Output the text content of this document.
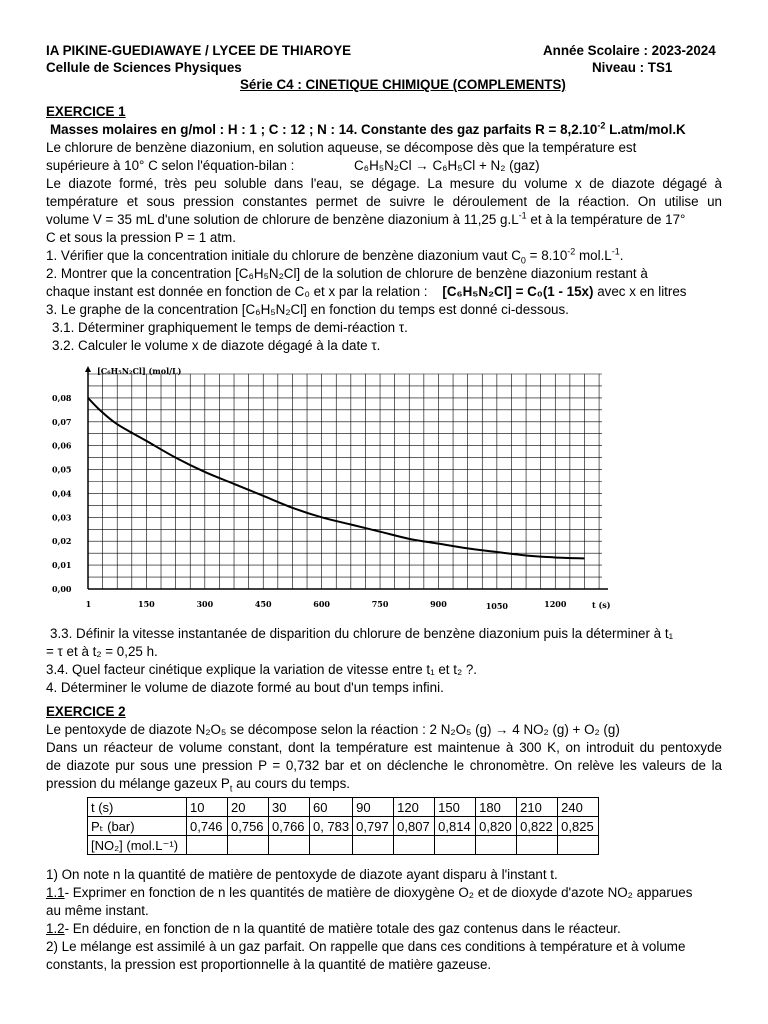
IA PIKINE-GUEDIAWAYE / LYCEE DE THIAROYE
Cellule de Sciences Physiques
Année Scolaire : 2023-2024
Niveau : TS1
Série C4 : CINETIQUE CHIMIQUE (COMPLEMENTS)
EXERCICE 1
Masses molaires en g/mol : H : 1 ; C : 12 ; N : 14. Constante des gaz parfaits $R = 8,2.10^{-2}$ L.atm/mol.K
Le chlorure de benzène diazonium, en solution aqueuse, se décompose dès que la température est
supérieure à 10° C selon l'équation-bilan :	C₆H₅N₂Cl → C₆H₅Cl + N₂ (gaz)
Le diazote formé, très peu soluble dans l'eau, se dégage. La mesure du volume x de diazote dégagé à
température et sous pression constantes permet de suivre le déroulement de la réaction. On utilise un
volume V = 35 mL d'une solution de chlorure de benzène diazonium à 11,25 $g.L^{-1}$ et à la température de 17°
C et sous la pression P = 1 atm.
1. Vérifier que la concentration initiale du chlorure de benzène diazonium vaut $C_0 = 8.10^{-2}$ $mol.L^{-1}$.
2. Montrer que la concentration [C₆H₅N₂Cl] de la solution de chlorure de benzène diazonium restant à
chaque instant est donnée en fonction de C₀ et x par la relation : [C₆H₅N₂Cl] = C₀(1 - 15x) avec x en litres
3. Le graphe de la concentration [C₆H₅N₂Cl] en fonction du temps est donné ci-dessous.
3.1. Déterminer graphiquement le temps de demi-réaction τ.
3.2. Calculer le volume x de diazote dégagé à la date τ.
0,00
0,01
0,02
0,03
0,04
0,05
0,06
0,07
0,08
1	150	300	450	600	750	900	1050	1200
[C₆H₅N₂Cl] (mol/L)
t (s)
3.3. Définir la vitesse instantanée de disparition du chlorure de benzène diazonium puis la déterminer à t₁
= τ et à t₂ = 0,25 h.
3.4. Quel facteur cinétique explique la variation de vitesse entre t₁ et t₂ ?.
4. Déterminer le volume de diazote formé au bout d'un temps infini.
EXERCICE 2
Le pentoxyde de diazote N₂O₅ se décompose selon la réaction : 2 N₂O₅ (g) → 4 NO₂ (g) + O₂ (g)
Dans un réacteur de volume constant, dont la température est maintenue à 300 K, on introduit du pentoxyde
de diazote pur sous une pression P = 0,732 bar et on déclenche le chronomètre. On relève les valeurs de la
pression du mélange gazeux $P_t$ au cours du temps.
t (s)	10	20	30	60	90	120	150	180	210	240
Pₜ (bar)	0,746	0,756	0,766	0, 783	0,797	0,807	0,814	0,820	0,822	0,825
[NO₂] (mol.L⁻¹)										
1) On note n la quantité de matière de pentoxyde de diazote ayant disparu à l'instant t.
1.1- Exprimer en fonction de n les quantités de matière de dioxygène O₂ et de dioxyde d'azote NO₂ apparues
au même instant.
1.2- En déduire, en fonction de n la quantité de matière totale des gaz contenus dans le réacteur.
2) Le mélange est assimilé à un gaz parfait. On rappelle que dans ces conditions à température et à volume
constants, la pression est proportionnelle à la quantité de matière gazeuse.
